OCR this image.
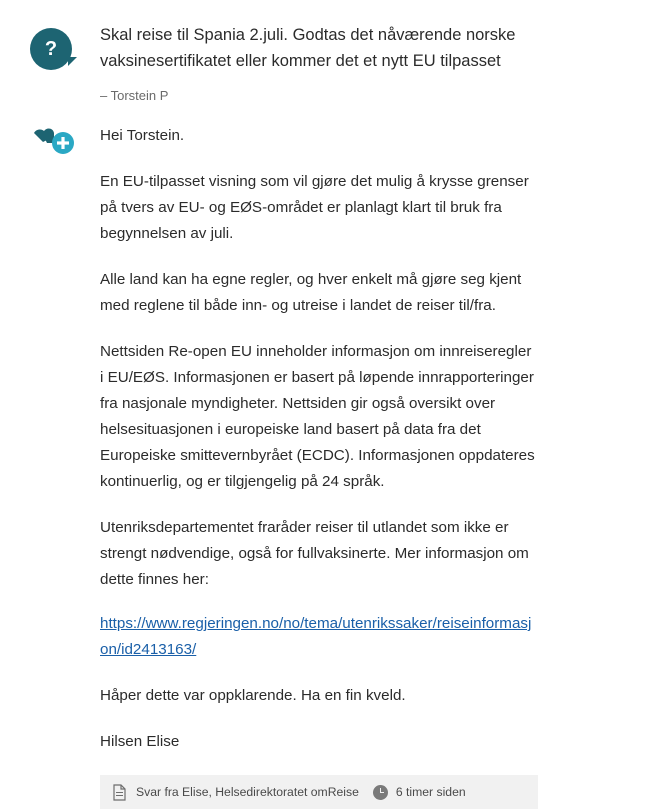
?
Skal reise til Spania 2.juli. Godtas det nåværende norske vaksinesertifikatet eller kommer det et nytt EU tilpasset
– Torstein P

Hei Torstein.

En EU-tilpasset visning som vil gjøre det mulig å krysse grenser på tvers av EU- og EØS-området er planlagt klart til bruk fra begynnelsen av juli.

Alle land kan ha egne regler, og hver enkelt må gjøre seg kjent med reglene til både inn- og utreise i landet de reiser til/fra.

Nettsiden Re-open EU inneholder informasjon om innreiseregler i EU/EØS. Informasjonen er basert på løpende innrapporteringer fra nasjonale myndigheter. Nettsiden gir også oversikt over helsesituasjonen i europeiske land basert på data fra det Europeiske smittevernbyrået (ECDC). Informasjonen oppdateres kontinuerlig, og er tilgjengelig på 24 språk.

Utenriksdepartementet fraråder reiser til utlandet som ikke er strengt nødvendige, også for fullvaksinerte. Mer informasjon om dette finnes her:

https://www.regjeringen.no/no/tema/utenrikssaker/reiseinformasjon/id2413163/

Håper dette var oppklarende. Ha en fin kveld.

Hilsen Elise

Svar fra Elise, Helsedirektoratet om Reise	6 timer siden
